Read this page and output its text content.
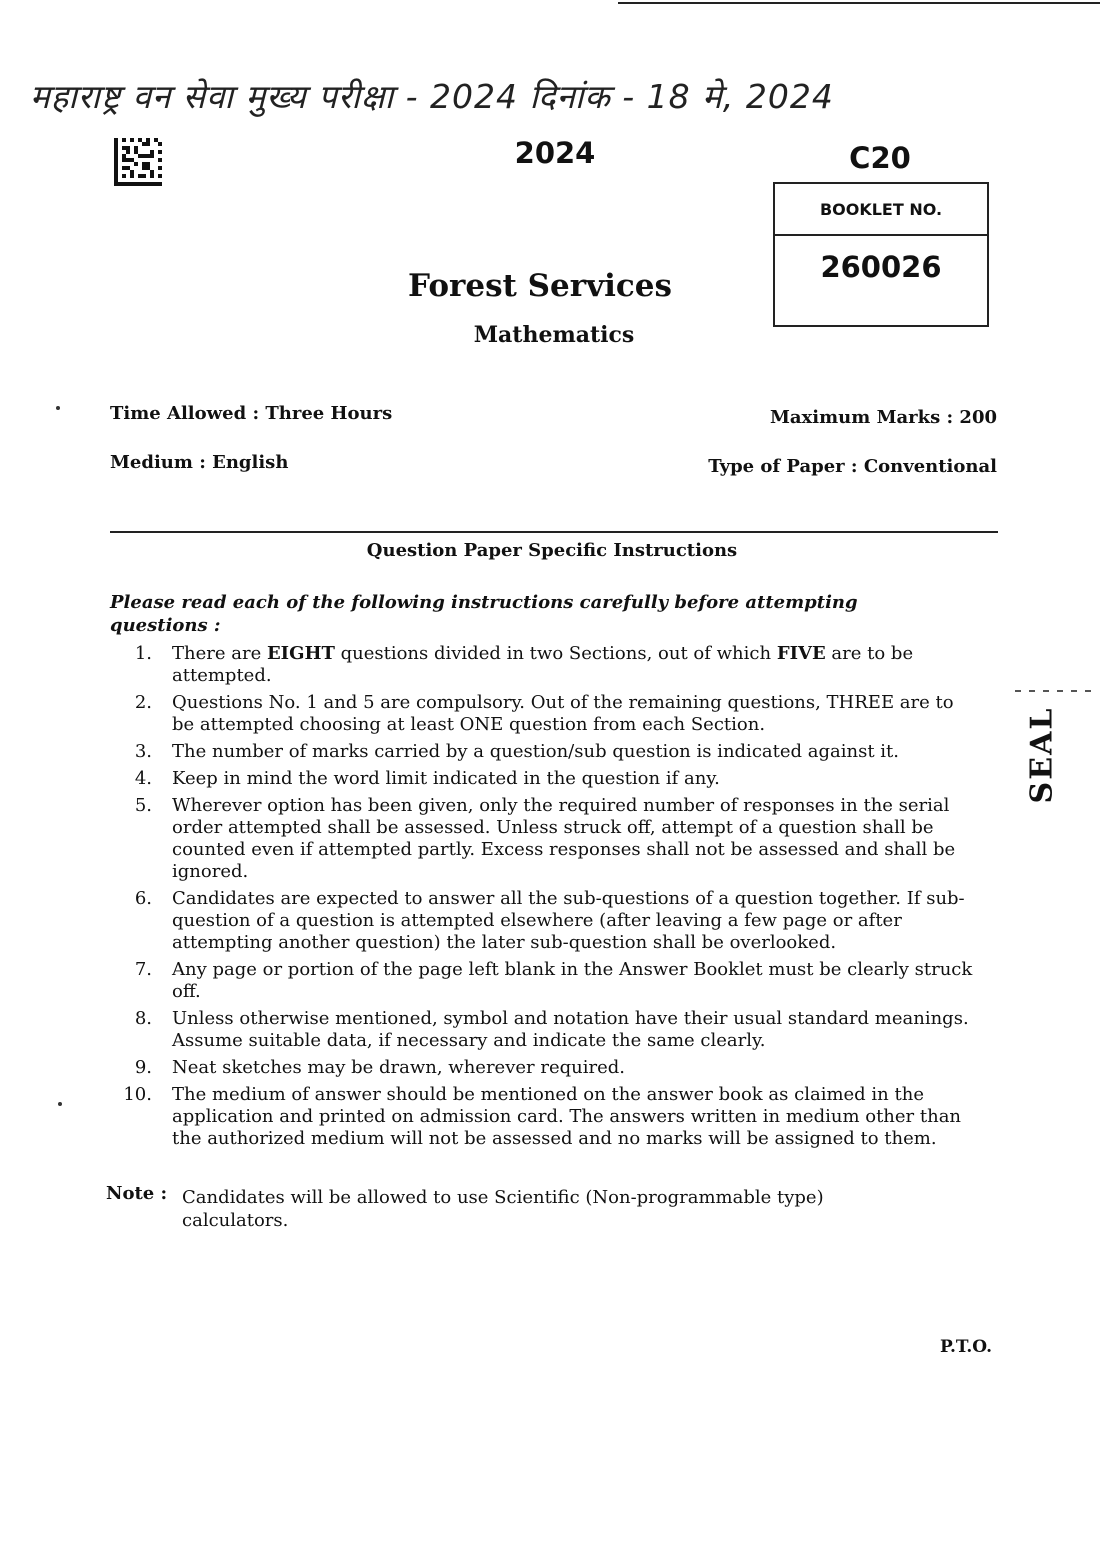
महाराष्ट्र वन सेवा मुख्य परीक्षा - 2024 दिनांक - 18 मे, 2024
2024	C20
BOOKLET NO.
260026
Forest Services
Mathematics
Time Allowed : Three Hours	Maximum Marks : 200
Medium : English	Type of Paper : Conventional
Question Paper Specific Instructions
Please read each of the following instructions carefully before attempting questions :
1. There are EIGHT questions divided in two Sections, out of which FIVE are to be attempted.
2. Questions No. 1 and 5 are compulsory. Out of the remaining questions, THREE are to be attempted choosing at least ONE question from each Section.
3. The number of marks carried by a question/sub question is indicated against it.
4. Keep in mind the word limit indicated in the question if any.
5. Wherever option has been given, only the required number of responses in the serial order attempted shall be assessed. Unless struck off, attempt of a question shall be counted even if attempted partly. Excess responses shall not be assessed and shall be ignored.
6. Candidates are expected to answer all the sub-questions of a question together. If sub-question of a question is attempted elsewhere (after leaving a few page or after attempting another question) the later sub-question shall be overlooked.
7. Any page or portion of the page left blank in the Answer Booklet must be clearly struck off.
8. Unless otherwise mentioned, symbol and notation have their usual standard meanings. Assume suitable data, if necessary and indicate the same clearly.
9. Neat sketches may be drawn, wherever required.
10. The medium of answer should be mentioned on the answer book as claimed in the application and printed on admission card. The answers written in medium other than the authorized medium will not be assessed and no marks will be assigned to them.
Note : Candidates will be allowed to use Scientific (Non-programmable type) calculators.
P.T.O.
SEAL
